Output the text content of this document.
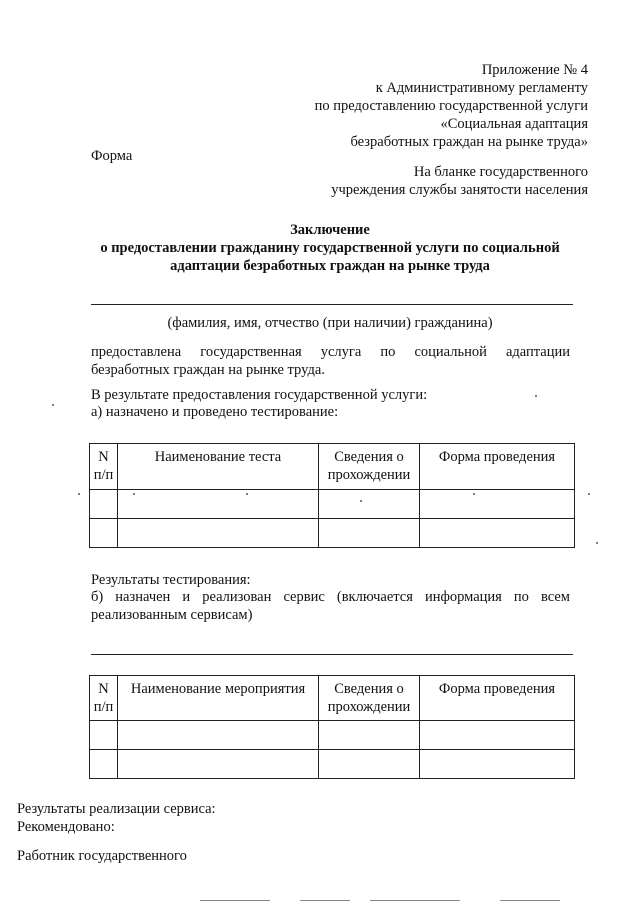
Приложение № 4
к Административному регламенту
по предоставлению государственной услуги
«Социальная адаптация
безработных граждан на рынке труда»
Форма
На бланке государственного
учреждения службы занятости населения
Заключение
о предоставлении гражданину государственной услуги по социальной
адаптации безработных граждан на рынке труда
(фамилия, имя, отчество (при наличии) гражданина)
предоставлена государственная услуга по социальной адаптации
безработных граждан на рынке труда.
В результате предоставления государственной услуги:
а) назначено и проведено тестирование:
N п/п	Наименование теста	Сведения о прохождении	Форма проведения

Результаты тестирования:
б) назначен и реализован сервис (включается информация по всем
реализованным сервисам)
N п/п	Наименование мероприятия	Сведения о прохождении	Форма проведения

Результаты реализации сервиса:
Рекомендовано:
Работник государственного
